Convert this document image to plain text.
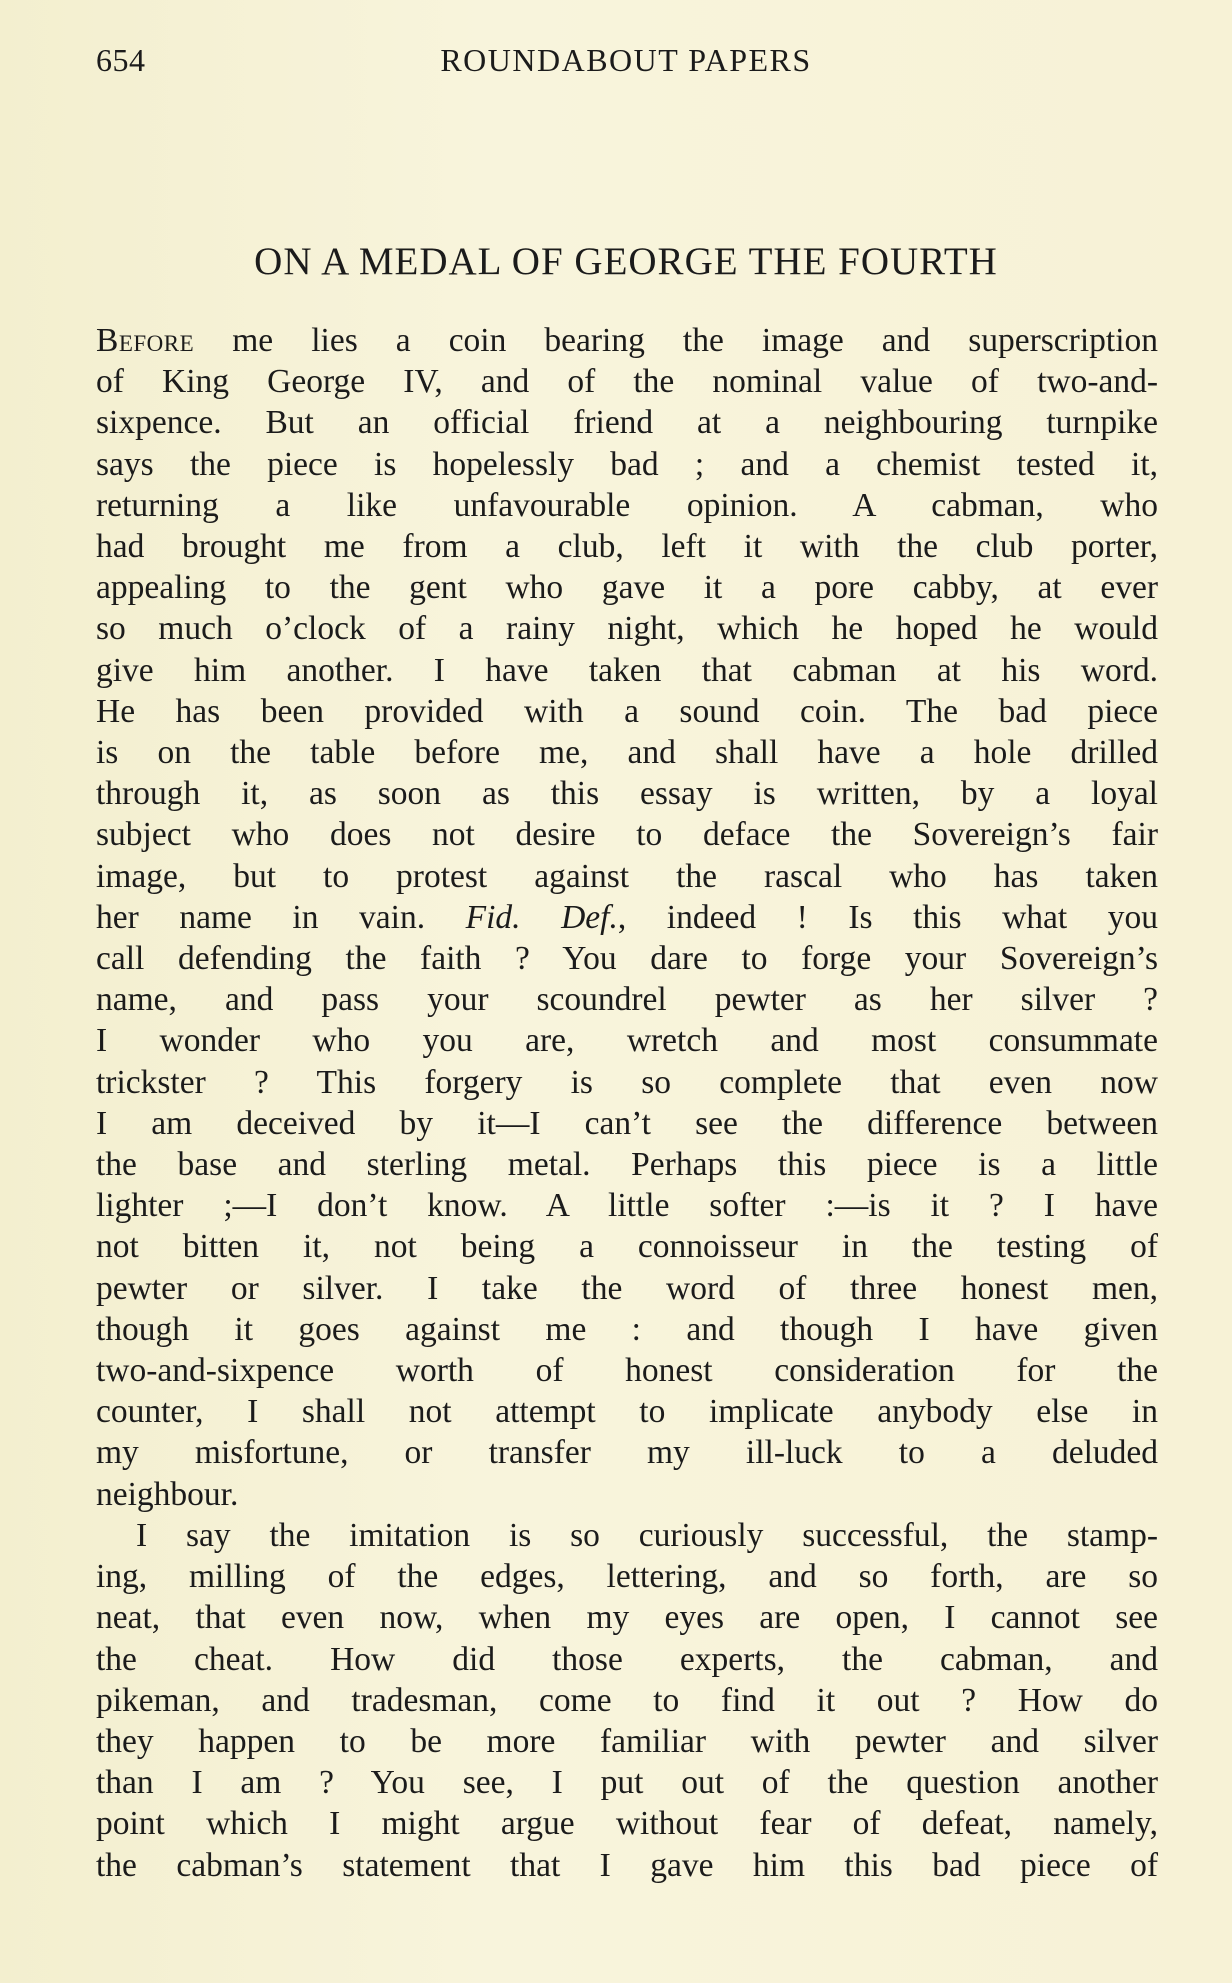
654	ROUNDABOUT PAPERS
ON A MEDAL OF GEORGE THE FOURTH
Before me lies a coin bearing the image and superscription
of King George IV, and of the nominal value of two-and-
sixpence. But an official friend at a neighbouring turnpike
says the piece is hopelessly bad ; and a chemist tested it,
returning a like unfavourable opinion. A cabman, who
had brought me from a club, left it with the club porter,
appealing to the gent who gave it a pore cabby, at ever
so much o’clock of a rainy night, which he hoped he would
give him another. I have taken that cabman at his word.
He has been provided with a sound coin. The bad piece
is on the table before me, and shall have a hole drilled
through it, as soon as this essay is written, by a loyal
subject who does not desire to deface the Sovereign’s fair
image, but to protest against the rascal who has taken
her name in vain. Fid. Def., indeed ! Is this what you
call defending the faith ? You dare to forge your Sovereign’s
name, and pass your scoundrel pewter as her silver ?
I wonder who you are, wretch and most consummate
trickster ? This forgery is so complete that even now
I am deceived by it—I can’t see the difference between
the base and sterling metal. Perhaps this piece is a little
lighter ;—I don’t know. A little softer :—is it ? I have
not bitten it, not being a connoisseur in the testing of
pewter or silver. I take the word of three honest men,
though it goes against me : and though I have given
two-and-sixpence worth of honest consideration for the
counter, I shall not attempt to implicate anybody else in
my misfortune, or transfer my ill-luck to a deluded
neighbour.
I say the imitation is so curiously successful, the stamp-
ing, milling of the edges, lettering, and so forth, are so
neat, that even now, when my eyes are open, I cannot see
the cheat. How did those experts, the cabman, and
pikeman, and tradesman, come to find it out ? How do
they happen to be more familiar with pewter and silver
than I am ? You see, I put out of the question another
point which I might argue without fear of defeat, namely,
the cabman’s statement that I gave him this bad piece of
